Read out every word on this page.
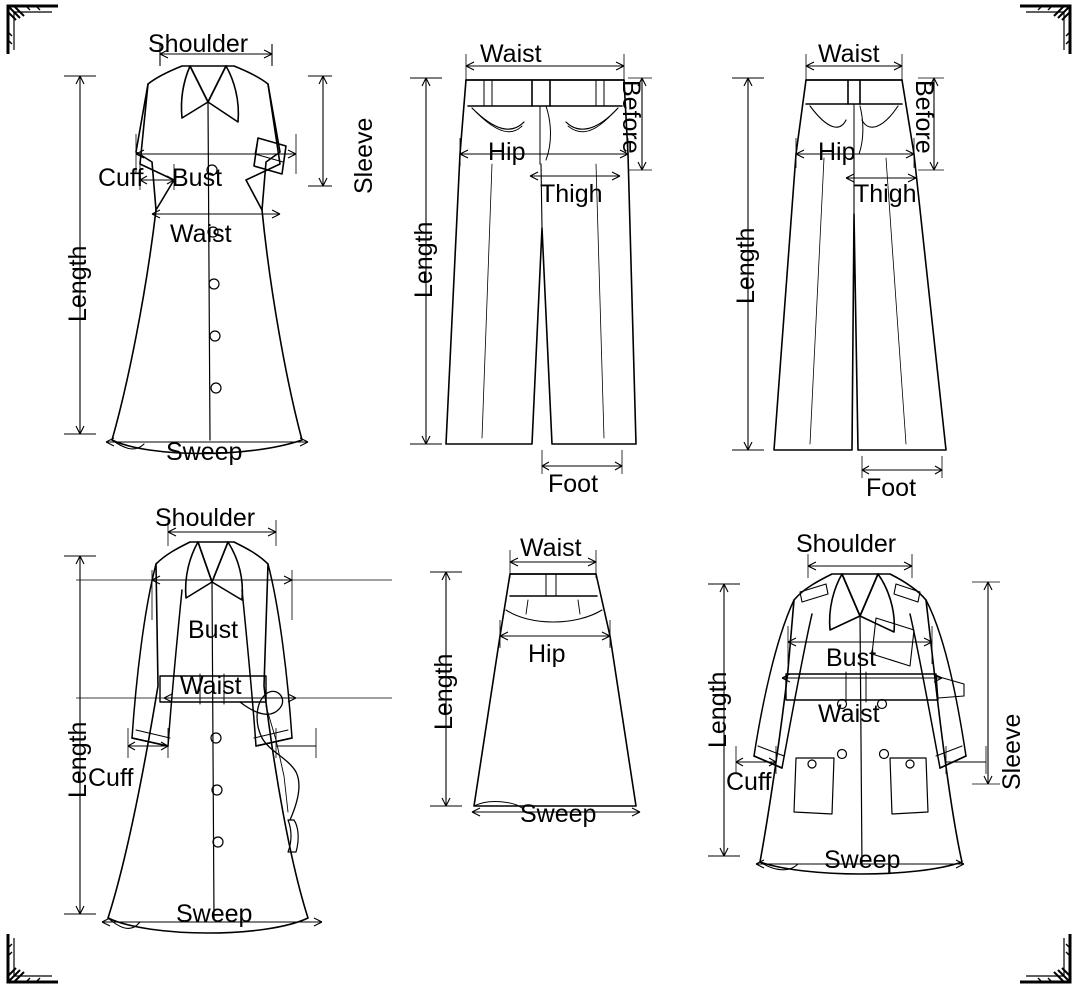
Shoulder
Sleeve
Cuff Bust
Waist
Length
Sweep
Waist
Before
Hip
Thigh
Length
Foot
Waist
Before
Hip
Thigh
Length
Foot
Shoulder
Bust
Waist
Cuff
Length
Sweep
Waist
Hip
Length
Sweep
Shoulder
Sleeve
Bust
Waist
Cuff
Length
Sweep
